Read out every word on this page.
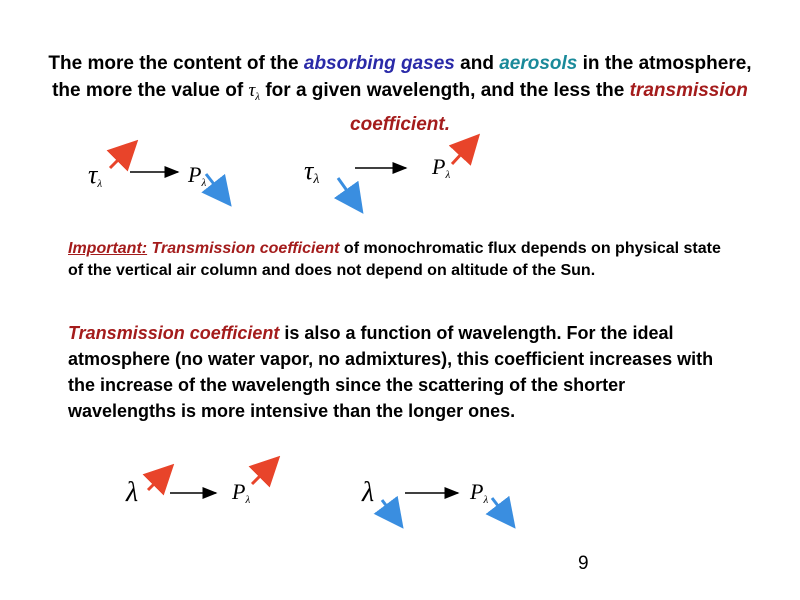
The more the content of the absorbing gases and aerosols in the atmosphere, the more the value of $\tau_\lambda$ for a given wavelength, and the less the transmission coefficient.
$\tau_\lambda$	$P_\lambda$	$\tau_\lambda$
$P_\lambda$
Important: Transmission coefficient of monochromatic flux depends on physical state of the vertical air column and does not depend on altitude of the Sun.
Transmission coefficient is also a function of wavelength. For the ideal atmosphere (no water vapor, no admixtures), this coefficient increases with the increase of the wavelength since the scattering of the shorter wavelengths is more intensive than the longer ones.
λ	$P_\lambda$	λ	$P_\lambda$
9
